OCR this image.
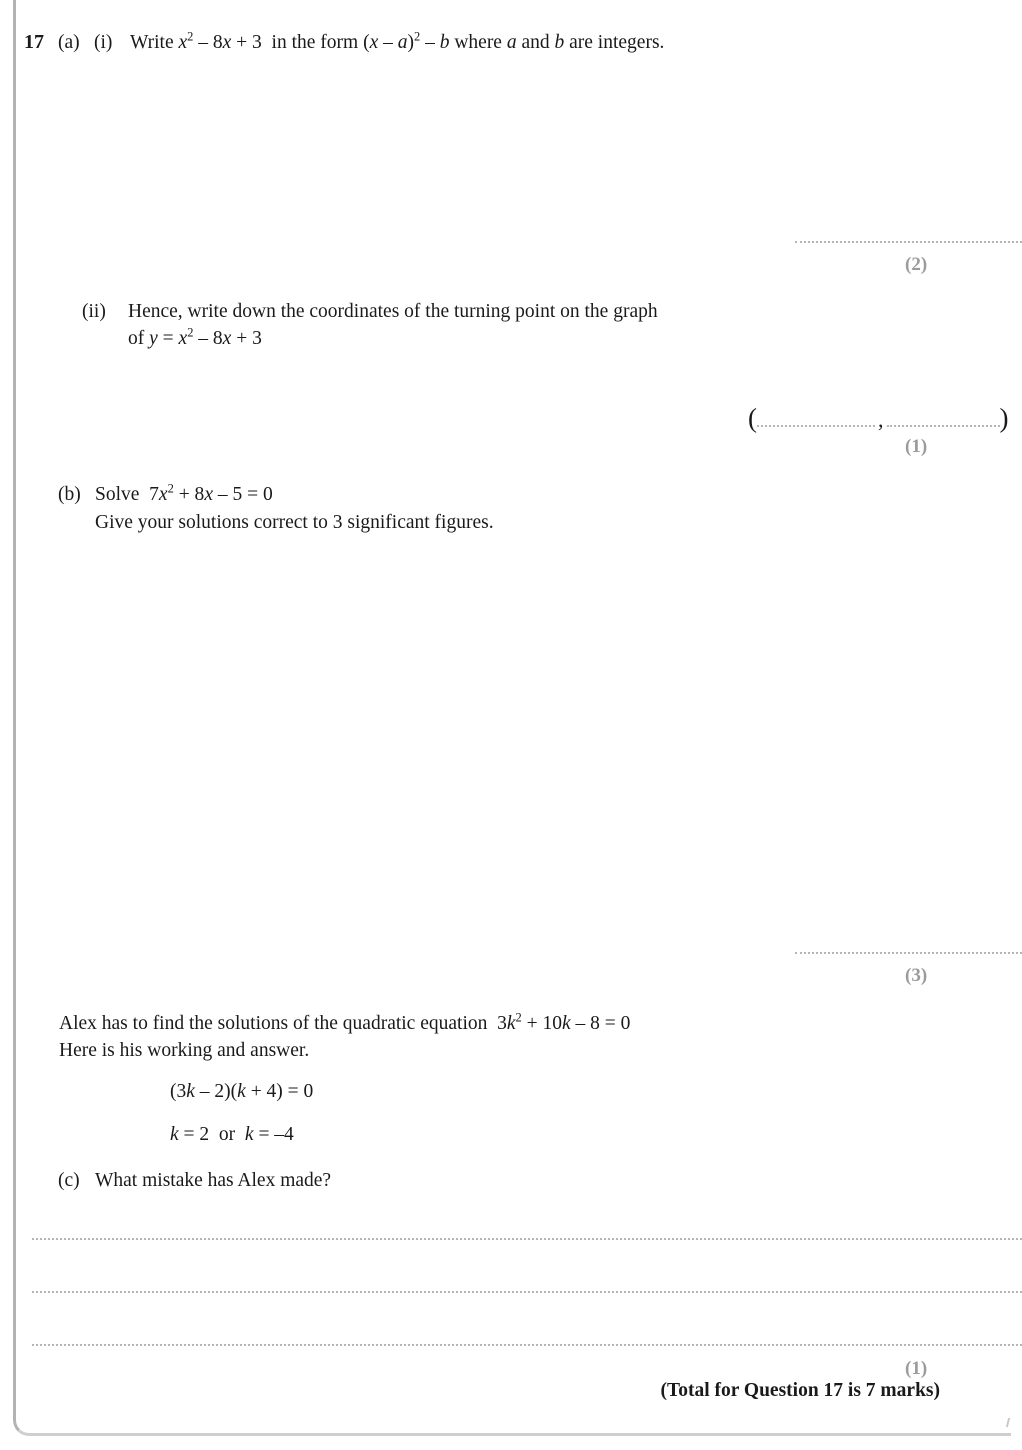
17 (a) (i) Write $x^2 - 8x + 3$  in the form (x – a)$^2$ – b where a and b are integers.
(2)
(ii) Hence, write down the coordinates of the turning point on the graph
of $y = x^2 - 8x + 3$
(	,	)
(1)
(b) Solve  $7x^2 + 8x - 5 = 0$
Give your solutions correct to 3 significant figures.
(3)
Alex has to find the solutions of the quadratic equation  $3k^2 + 10k - 8 = 0$
Here is his working and answer.
(3k – 2)(k + 4) = 0
k = 2  or  k = –4
(c) What mistake has Alex made?
(1)
(Total for Question 17 is 7 marks)
